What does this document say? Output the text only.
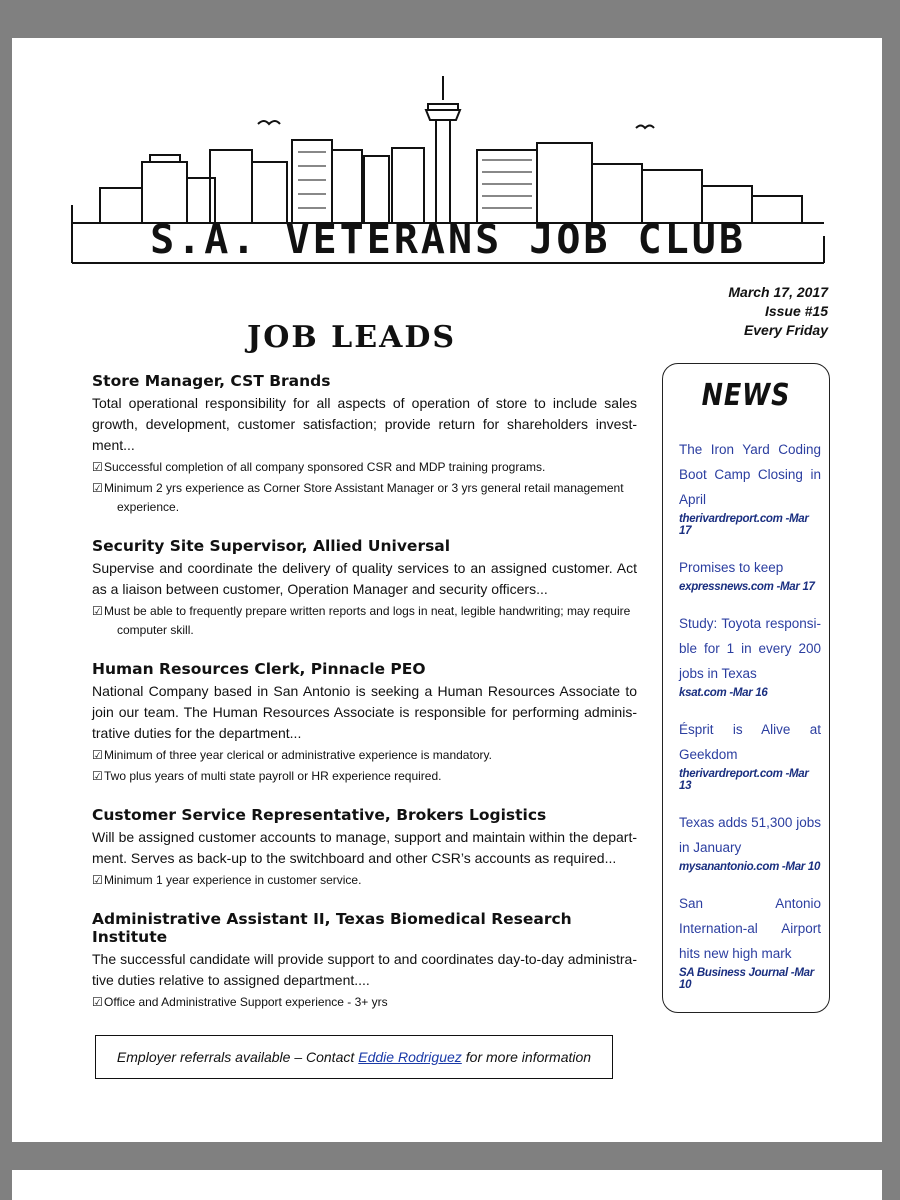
S.A. VETERANS JOB CLUB
March 17, 2017
Issue #15
Every Friday
JOB LEADS
Store Manager, CST Brands
Total operational responsibility for all aspects of operation of store to include sales growth, development, customer satisfaction; provide return for shareholders invest-ment...
☑Successful completion of all company sponsored CSR and MDP training programs.
☑Minimum 2 yrs experience as Corner Store Assistant Manager or 3 yrs general retail management experience.
Security Site Supervisor, Allied Universal
Supervise and coordinate the delivery of quality services to an assigned customer. Act as a liaison between customer, Operation Manager and security officers...
☑Must be able to frequently prepare written reports and logs in neat, legible handwriting; may require computer skill.
Human Resources Clerk, Pinnacle PEO
National Company based in San Antonio is seeking a Human Resources Associate to join our team. The Human Resources Associate is responsible for performing adminis-trative duties for the department...
☑Minimum of three year clerical or administrative experience is mandatory.
☑Two plus years of multi state payroll or HR experience required.
Customer Service Representative, Brokers Logistics
Will be assigned customer accounts to manage, support and maintain within the depart-ment. Serves as back-up to the switchboard and other CSR’s accounts as required...
☑Minimum 1 year experience in customer service.
Administrative Assistant II, Texas Biomedical Research Institute
The successful candidate will provide support to and coordinates day-to-day administra-tive duties relative to assigned department....
☑Office and Administrative Support experience - 3+ yrs
Employer referrals available – Contact Eddie Rodriguez for more information
NEWS
The Iron Yard Coding Boot Camp Closing in April
therivardreport.com -Mar 17
Promises to keep
expressnews.com -Mar 17
Study: Toyota responsi-ble for 1 in every 200 jobs in Texas
ksat.com -Mar 16
Ésprit is Alive at Geekdom
therivardreport.com -Mar 13
Texas adds 51,300 jobs in January
mysanantonio.com -Mar 10
San Antonio Internation-al Airport hits new high mark
SA Business Journal -Mar 10
